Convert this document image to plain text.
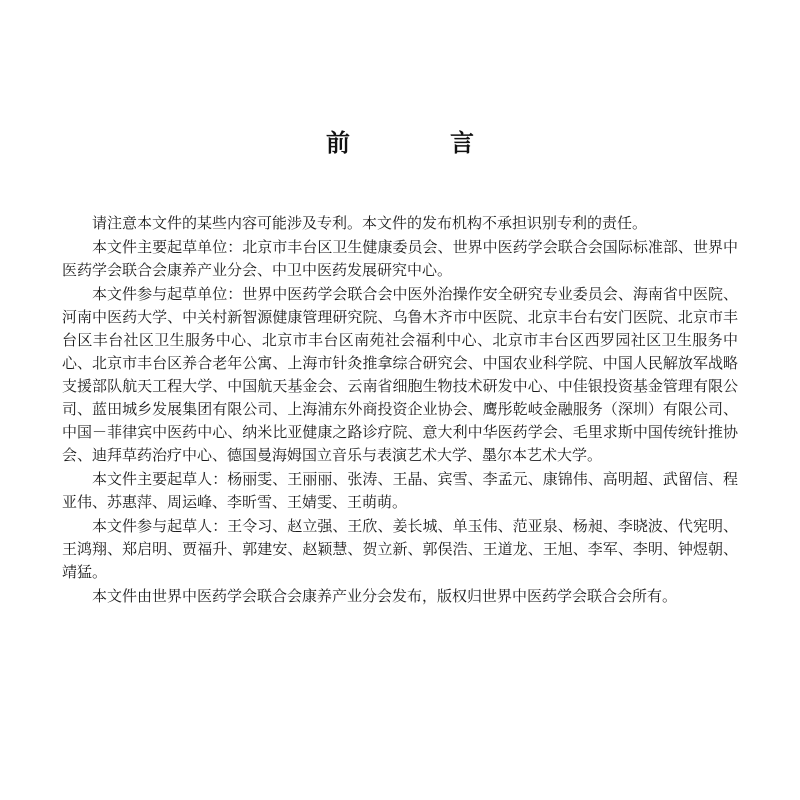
前　言

请注意本文件的某些内容可能涉及专利。本文件的发布机构不承担识别专利的责任。

本文件主要起草单位：北京市丰台区卫生健康委员会、世界中医药学会联合会国际标准部、世界中医药学会联合会康养产业分会、中卫中医药发展研究中心。

本文件参与起草单位：世界中医药学会联合会中医外治操作安全研究专业委员会、海南省中医院、河南中医药大学、中关村新智源健康管理研究院、乌鲁木齐市中医院、北京丰台右安门医院、北京市丰台区丰台社区卫生服务中心、北京市丰台区南苑社会福利中心、北京市丰台区西罗园社区卫生服务中心、北京市丰台区养合老年公寓、上海市针灸推拿综合研究会、中国农业科学院、中国人民解放军战略支援部队航天工程大学、中国航天基金会、云南省细胞生物技术研发中心、中佳银投资基金管理有限公司、蓝田城乡发展集团有限公司、上海浦东外商投资企业协会、鹰彤乾岐金融服务（深圳）有限公司、中国－菲律宾中医药中心、纳米比亚健康之路诊疗院、意大利中华医药学会、毛里求斯中国传统针推协会、迪拜草药治疗中心、德国曼海姆国立音乐与表演艺术大学、墨尔本艺术大学。

本文件主要起草人：杨丽雯、王丽丽、张涛、王晶、宾雪、李孟元、康锦伟、高明超、武留信、程亚伟、苏惠萍、周运峰、李昕雪、王婧雯、王萌萌。

本文件参与起草人：王令习、赵立强、王欣、姜长城、单玉伟、范亚泉、杨昶、李晓波、代宪明、王鸿翔、郑启明、贾福升、郭建安、赵颖慧、贺立新、郭俣浩、王道龙、王旭、李军、李明、钟煜朝、靖猛。

本文件由世界中医药学会联合会康养产业分会发布，版权归世界中医药学会联合会所有。
